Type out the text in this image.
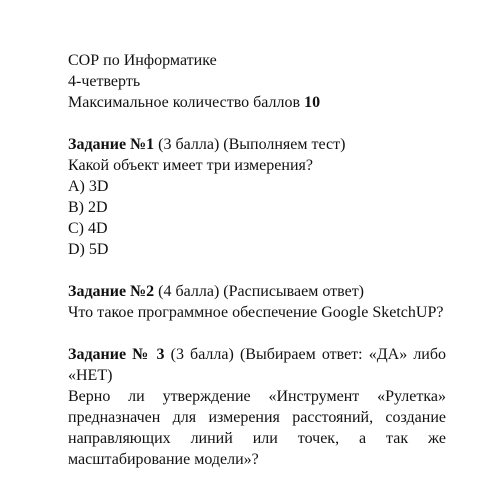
СОР по Информатике
4-четверть
Максимальное количество баллов 10
Задание №1 (3 балла) (Выполняем тест)
Какой объект имеет три измерения?
A) 3D
B) 2D
C) 4D
D) 5D
Задание №2 (4 балла) (Расписываем ответ)
Что такое программное обеспечение Google SketchUP?
Задание № 3 (3 балла) (Выбираем ответ: «ДА» либо «НЕТ)
Верно ли утверждение «Инструмент «Рулетка» предназначен для измерения расстояний, создание направляющих линий или точек, а так же масштабирование модели»?
